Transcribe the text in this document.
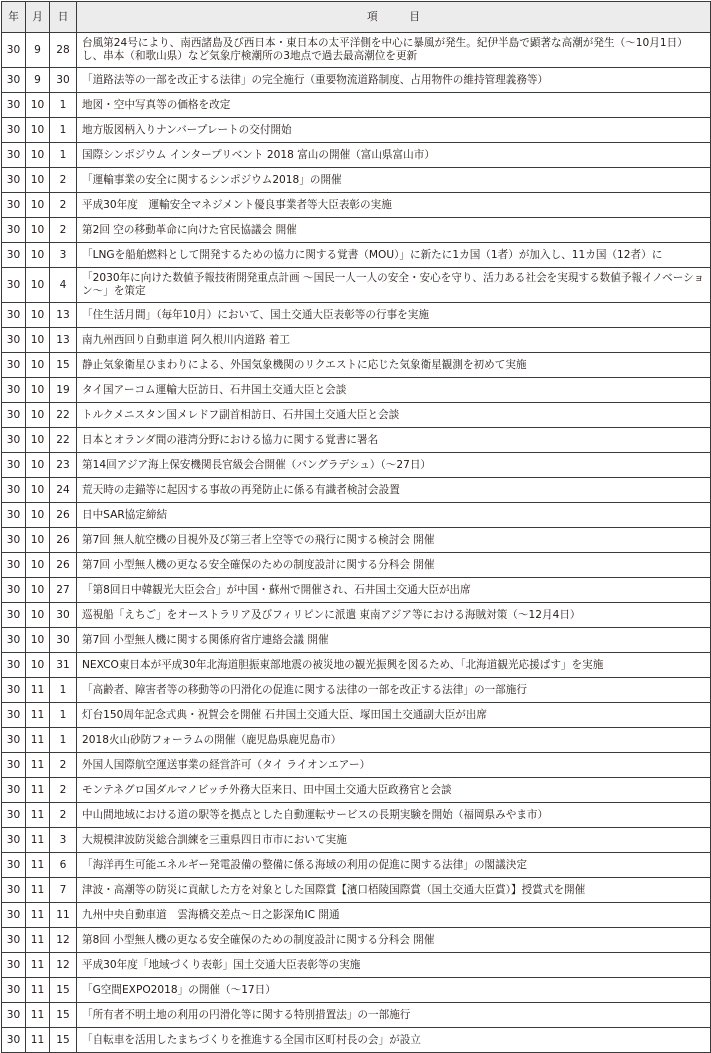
年	月	日	項　　　目
30	9	28	台風第24号により、南西諸島及び西日本・東日本の太平洋側を中心に暴風が発生。紀伊半島で顕著な高潮が発生（〜10月1日）し、串本（和歌山県）など気象庁検潮所の3地点で過去最高潮位を更新
30	9	30	「道路法等の一部を改正する法律」の完全施行（重要物流道路制度、占用物件の維持管理義務等）
30	10	1	地図・空中写真等の価格を改定
30	10	1	地方版図柄入りナンバープレートの交付開始
30	10	1	国際シンポジウム インタープリベント 2018 富山の開催（富山県富山市）
30	10	2	「運輸事業の安全に関するシンポジウム2018」の開催
30	10	2	平成30年度　運輸安全マネジメント優良事業者等大臣表彰の実施
30	10	2	第2回 空の移動革命に向けた官民協議会 開催
30	10	3	「LNGを船舶燃料として開発するための協力に関する覚書（MOU）」に新たに1カ国（1者）が加入し、11カ国（12者）に
30	10	4	「2030年に向けた数値予報技術開発重点計画 〜国民一人一人の安全・安心を守り、活力ある社会を実現する数値予報イノベーション〜」を策定
30	10	13	「住生活月間」（毎年10月）において、国土交通大臣表彰等の行事を実施
30	10	13	南九州西回り自動車道 阿久根川内道路 着工
30	10	15	静止気象衛星ひまわりによる、外国気象機関のリクエストに応じた気象衛星観測を初めて実施
30	10	19	タイ国アーコム運輸大臣訪日、石井国土交通大臣と会談
30	10	22	トルクメニスタン国メレドフ副首相訪日、石井国土交通大臣と会談
30	10	22	日本とオランダ間の港湾分野における協力に関する覚書に署名
30	10	23	第14回アジア海上保安機関長官級会合開催（バングラデシュ）（〜27日）
30	10	24	荒天時の走錨等に起因する事故の再発防止に係る有識者検討会設置
30	10	26	日中SAR協定締結
30	10	26	第7回 無人航空機の目視外及び第三者上空等での飛行に関する検討会 開催
30	10	26	第7回 小型無人機の更なる安全確保のための制度設計に関する分科会 開催
30	10	27	「第8回日中韓観光大臣会合」が中国・蘇州で開催され、石井国土交通大臣が出席
30	10	30	巡視船「えちご」をオーストラリア及びフィリピンに派遣 東南アジア等における海賊対策（〜12月4日）
30	10	30	第7回 小型無人機に関する関係府省庁連絡会議 開催
30	10	31	NEXCO東日本が平成30年北海道胆振東部地震の被災地の観光振興を図るため、「北海道観光応援ぱす」を実施
30	11	1	「高齢者、障害者等の移動等の円滑化の促進に関する法律の一部を改正する法律」の一部施行
30	11	1	灯台150周年記念式典・祝賀会を開催 石井国土交通大臣、塚田国土交通副大臣が出席
30	11	1	2018火山砂防フォーラムの開催（鹿児島県鹿児島市）
30	11	2	外国人国際航空運送事業の経営許可（タイ ライオンエアー）
30	11	2	モンテネグロ国ダルマノビッチ外務大臣来日、田中国土交通大臣政務官と会談
30	11	2	中山間地域における道の駅等を拠点とした自動運転サービスの長期実験を開始（福岡県みやま市）
30	11	3	大規模津波防災総合訓練を三重県四日市市において実施
30	11	6	「海洋再生可能エネルギー発電設備の整備に係る海域の利用の促進に関する法律」の閣議決定
30	11	7	津波・高潮等の防災に貢献した方を対象とした国際賞【濱口梧陵国際賞（国土交通大臣賞）】授賞式を開催
30	11	11	九州中央自動車道　雲海橋交差点〜日之影深角IC 開通
30	11	12	第8回 小型無人機の更なる安全確保のための制度設計に関する分科会 開催
30	11	12	平成30年度「地域づくり表彰」国土交通大臣表彰等の実施
30	11	15	「G空間EXPO2018」の開催（〜17日）
30	11	15	「所有者不明土地の利用の円滑化等に関する特別措置法」の一部施行
30	11	15	「自転車を活用したまちづくりを推進する全国市区町村長の会」が設立
